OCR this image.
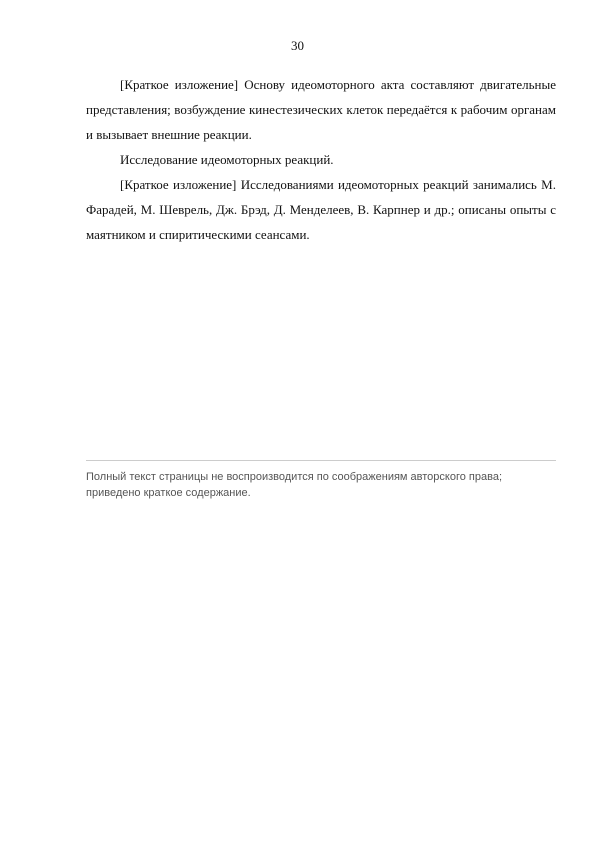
30

[Краткое изложение] Основу идеомоторного акта составляют двигательные представления; возбуждение кинестезических клеток передаётся к рабочим органам и вызывает внешние реакции.

Исследование идеомоторных реакций.

[Краткое изложение] Исследованиями идеомоторных реакций занимались М. Фарадей, М. Шеврель, Дж. Брэд, Д. Менделеев, В. Карпнер и др.; описаны опыты с маятником и спиритическими сеансами.

Полный текст страницы не воспроизводится по соображениям авторского права; приведено краткое содержание.
